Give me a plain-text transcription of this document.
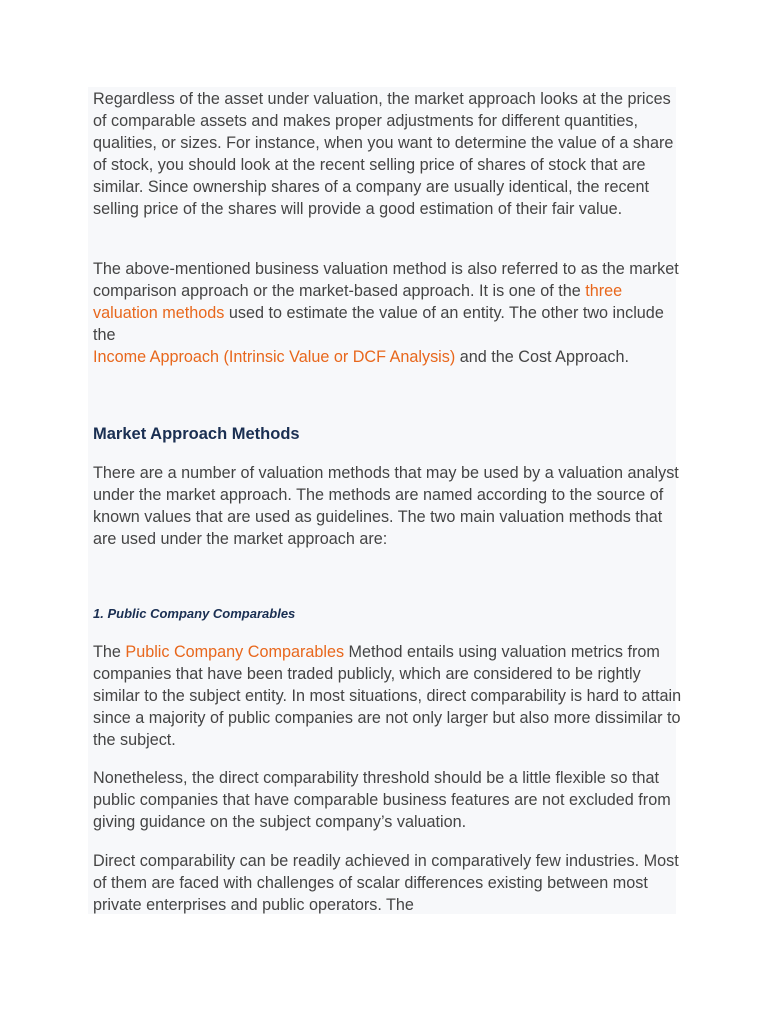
Regardless of the asset under valuation, the market approach looks at the prices of comparable assets and makes proper adjustments for different quantities, qualities, or sizes. For instance, when you want to determine the value of a share of stock, you should look at the recent selling price of shares of stock that are similar. Since ownership shares of a company are usually identical, the recent selling price of the shares will provide a good estimation of their fair value.

The above-mentioned business valuation method is also referred to as the market comparison approach or the market-based approach. It is one of the three valuation methods used to estimate the value of an entity. The other two include the
Income Approach (Intrinsic Value or DCF Analysis) and the Cost Approach.

Market Approach Methods

There are a number of valuation methods that may be used by a valuation analyst under the market approach. The methods are named according to the source of known values that are used as guidelines. The two main valuation methods that are used under the market approach are:

1. Public Company Comparables

The Public Company Comparables Method entails using valuation metrics from companies that have been traded publicly, which are considered to be rightly similar to the subject entity. In most situations, direct comparability is hard to attain since a majority of public companies are not only larger but also more dissimilar to the subject.

Nonetheless, the direct comparability threshold should be a little flexible so that public companies that have comparable business features are not excluded from giving guidance on the subject company’s valuation.

Direct comparability can be readily achieved in comparatively few industries. Most of them are faced with challenges of scalar differences existing between most private enterprises and public operators. The
